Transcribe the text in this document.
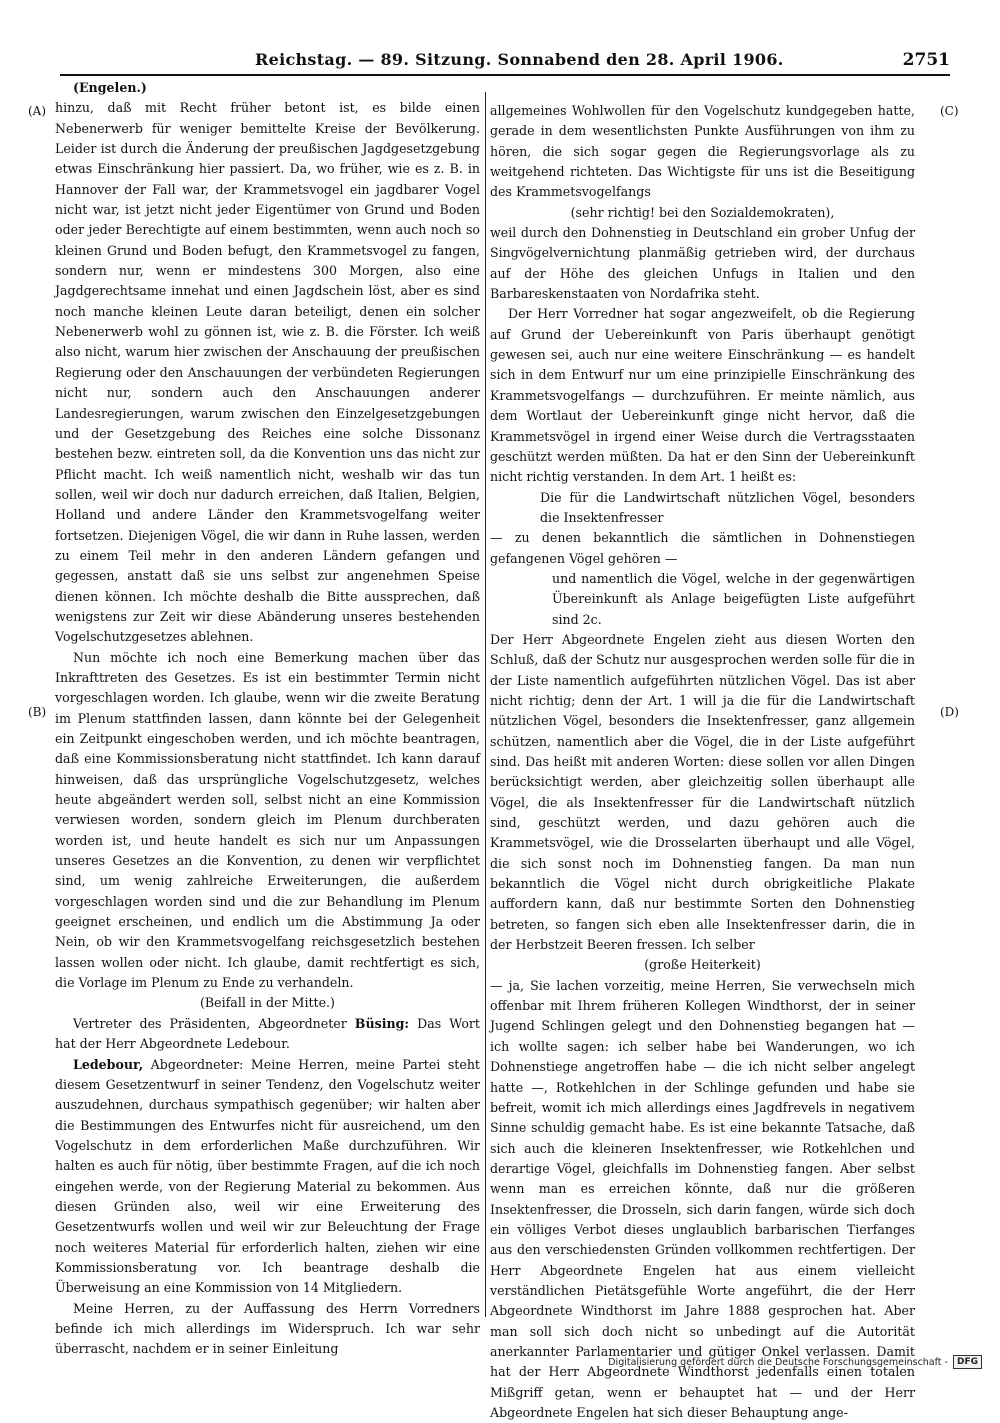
Reichstag. — 89. Sitzung. Sonnabend den 28. April 1906.	2751
(A)
(B)
(C)
(D)

(Engelen.)

hinzu, daß mit Recht früher betont ist, es bilde einen Nebenerwerb für weniger bemittelte Kreise der Bevölkerung. Leider ist durch die Änderung der preußischen Jagdgesetzgebung etwas Einschränkung hier passiert. Da, wo früher, wie es z. B. in Hannover der Fall war, der Krammetsvogel ein jagdbarer Vogel nicht war, ist jetzt nicht jeder Eigentümer von Grund und Boden oder jeder Berechtigte auf einem bestimmten, wenn auch noch so kleinen Grund und Boden befugt, den Krammetsvogel zu fangen, sondern nur, wenn er mindestens 300 Morgen, also eine Jagdgerechtsame innehat und einen Jagdschein löst, aber es sind noch manche kleinen Leute daran beteiligt, denen ein solcher Nebenerwerb wohl zu gönnen ist, wie z. B. die Förster. Ich weiß also nicht, warum hier zwischen der Anschauung der preußischen Regierung oder den Anschauungen der verbündeten Regierungen nicht nur, sondern auch den Anschauungen anderer Landesregierungen, warum zwischen den Einzelgesetzgebungen und der Gesetzgebung des Reiches eine solche Dissonanz bestehen bezw. eintreten soll, da die Konvention uns das nicht zur Pflicht macht. Ich weiß namentlich nicht, weshalb wir das tun sollen, weil wir doch nur dadurch erreichen, daß Italien, Belgien, Holland und andere Länder den Krammetsvogelfang weiter fortsetzen. Diejenigen Vögel, die wir dann in Ruhe lassen, werden zu einem Teil mehr in den anderen Ländern gefangen und gegessen, anstatt daß sie uns selbst zur angenehmen Speise dienen können. Ich möchte deshalb die Bitte aussprechen, daß wenigstens zur Zeit wir diese Abänderung unseres bestehenden Vogelschutzgesetzes ablehnen.

Nun möchte ich noch eine Bemerkung machen über das Inkrafttreten des Gesetzes. Es ist ein bestimmter Termin nicht vorgeschlagen worden. Ich glaube, wenn wir die zweite Beratung im Plenum stattfinden lassen, dann könnte bei der Gelegenheit ein Zeitpunkt eingeschoben werden, und ich möchte beantragen, daß eine Kommissionsberatung nicht stattfindet. Ich kann darauf hinweisen, daß das ursprüngliche Vogelschutzgesetz, welches heute abgeändert werden soll, selbst nicht an eine Kommission verwiesen worden, sondern gleich im Plenum durchberaten worden ist, und heute handelt es sich nur um Anpassungen unseres Gesetzes an die Konvention, zu denen wir verpflichtet sind, um wenig zahlreiche Erweiterungen, die außerdem vorgeschlagen worden sind und die zur Behandlung im Plenum geeignet erscheinen, und endlich um die Abstimmung Ja oder Nein, ob wir den Krammetsvogelfang reichsgesetzlich bestehen lassen wollen oder nicht. Ich glaube, damit rechtfertigt es sich, die Vorlage im Plenum zu Ende zu verhandeln.

(Beifall in der Mitte.)

Vertreter des Präsidenten, Abgeordneter Büsing: Das Wort hat der Herr Abgeordnete Ledebour.

Ledebour, Abgeordneter: Meine Herren, meine Partei steht diesem Gesetzentwurf in seiner Tendenz, den Vogelschutz weiter auszudehnen, durchaus sympathisch gegenüber; wir halten aber die Bestimmungen des Entwurfes nicht für ausreichend, um den Vogelschutz in dem erforderlichen Maße durchzuführen. Wir halten es auch für nötig, über bestimmte Fragen, auf die ich noch eingehen werde, von der Regierung Material zu bekommen. Aus diesen Gründen also, weil wir eine Erweiterung des Gesetzentwurfs wollen und weil wir zur Beleuchtung der Frage noch weiteres Material für erforderlich halten, ziehen wir eine Kommissionsberatung vor. Ich beantrage deshalb die Überweisung an eine Kommission von 14 Mitgliedern.

Meine Herren, zu der Auffassung des Herrn Vorredners befinde ich mich allerdings im Widerspruch. Ich war sehr überrascht, nachdem er in seiner Einleitung

allgemeines Wohlwollen für den Vogelschutz kundgegeben hatte, gerade in dem wesentlichsten Punkte Ausführungen von ihm zu hören, die sich sogar gegen die Regierungsvorlage als zu weitgehend richteten. Das Wichtigste für uns ist die Beseitigung des Krammetsvogelfangs

(sehr richtig! bei den Sozialdemokraten),

weil durch den Dohnenstieg in Deutschland ein grober Unfug der Singvögelvernichtung planmäßig getrieben wird, der durchaus auf der Höhe des gleichen Unfugs in Italien und den Barbareskenstaaten von Nordafrika steht.

Der Herr Vorredner hat sogar angezweifelt, ob die Regierung auf Grund der Uebereinkunft von Paris überhaupt genötigt gewesen sei, auch nur eine weitere Einschränkung — es handelt sich in dem Entwurf nur um eine prinzipielle Einschränkung des Krammetsvogelfangs — durchzuführen. Er meinte nämlich, aus dem Wortlaut der Uebereinkunft ginge nicht hervor, daß die Krammetsvögel in irgend einer Weise durch die Vertragsstaaten geschützt werden müßten. Da hat er den Sinn der Uebereinkunft nicht richtig verstanden. In dem Art. 1 heißt es:

Die für die Landwirtschaft nützlichen Vögel, besonders die Insektenfresser

— zu denen bekanntlich die sämtlichen in Dohnenstiegen gefangenen Vögel gehören —

und namentlich die Vögel, welche in der gegenwärtigen Übereinkunft als Anlage beigefügten Liste aufgeführt sind 2c.

Der Herr Abgeordnete Engelen zieht aus diesen Worten den Schluß, daß der Schutz nur ausgesprochen werden solle für die in der Liste namentlich aufgeführten nützlichen Vögel. Das ist aber nicht richtig; denn der Art. 1 will ja die für die Landwirtschaft nützlichen Vögel, besonders die Insektenfresser, ganz allgemein schützen, namentlich aber die Vögel, die in der Liste aufgeführt sind. Das heißt mit anderen Worten: diese sollen vor allen Dingen berücksichtigt werden, aber gleichzeitig sollen überhaupt alle Vögel, die als Insektenfresser für die Landwirtschaft nützlich sind, geschützt werden, und dazu gehören auch die Krammetsvögel, wie die Drosselarten überhaupt und alle Vögel, die sich sonst noch im Dohnenstieg fangen. Da man nun bekanntlich die Vögel nicht durch obrigkeitliche Plakate auffordern kann, daß nur bestimmte Sorten den Dohnenstieg betreten, so fangen sich eben alle Insektenfresser darin, die in der Herbstzeit Beeren fressen. Ich selber

(große Heiterkeit)

— ja, Sie lachen vorzeitig, meine Herren, Sie verwechseln mich offenbar mit Ihrem früheren Kollegen Windthorst, der in seiner Jugend Schlingen gelegt und den Dohnenstieg begangen hat — ich wollte sagen: ich selber habe bei Wanderungen, wo ich Dohnenstiege angetroffen habe — die ich nicht selber angelegt hatte —, Rotkehlchen in der Schlinge gefunden und habe sie befreit, womit ich mich allerdings eines Jagdfrevels in negativem Sinne schuldig gemacht habe. Es ist eine bekannte Tatsache, daß sich auch die kleineren Insektenfresser, wie Rotkehlchen und derartige Vögel, gleichfalls im Dohnenstieg fangen. Aber selbst wenn man es erreichen könnte, daß nur die größeren Insektenfresser, die Drosseln, sich darin fangen, würde sich doch ein völliges Verbot dieses unglaublich barbarischen Tierfanges aus den verschiedensten Gründen vollkommen rechtfertigen. Der Herr Abgeordnete Engelen hat aus einem vielleicht verständlichen Pietätsgefühle Worte angeführt, die der Herr Abgeordnete Windthorst im Jahre 1888 gesprochen hat. Aber man soll sich doch nicht so unbedingt auf die Autorität anerkannter Parlamentarier und gütiger Onkel verlassen. Damit hat der Herr Abgeordnete Windthorst jedenfalls einen totalen Mißgriff getan, wenn er behauptet hat — und der Herr Abgeordnete Engelen hat sich dieser Behauptung ange-

Digitalisierung gefördert durch die Deutsche Forschungsgemeinschaft -	DFG
